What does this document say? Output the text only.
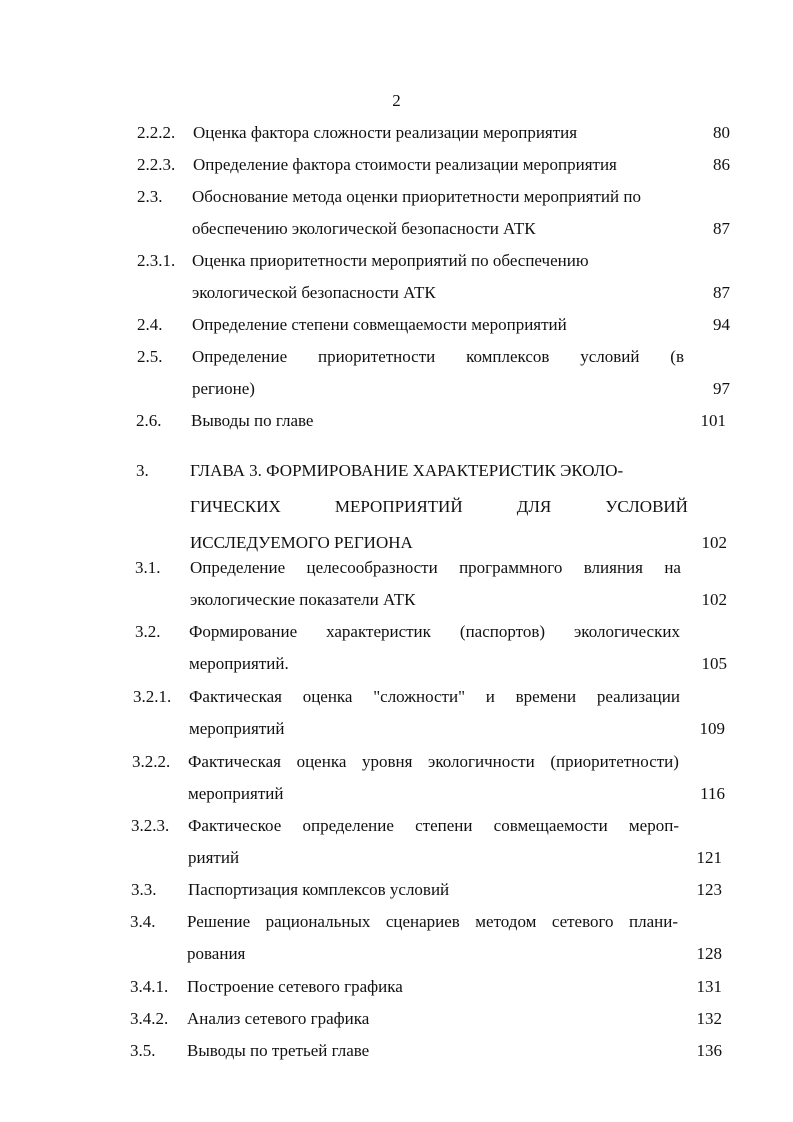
2
2.2.2. Оценка фактора сложности реализации мероприятия	80
2.2.3. Определение фактора стоимости реализации мероприятия	86
2.3. Обоснование метода оценки приоритетности мероприятий по
обеспечению экологической безопасности АТК	87
2.3.1. Оценка приоритетности мероприятий по обеспечению
экологической безопасности АТК	87
2.4. Определение степени совмещаемости мероприятий	94
2.5. Определение приоритетности комплексов условий (в
регионе)	97
2.6. Выводы по главе	101
3. ГЛАВА 3. ФОРМИРОВАНИЕ ХАРАКТЕРИСТИК ЭКОЛО-
ГИЧЕСКИХ	МЕРОПРИЯТИЙ	ДЛЯ	УСЛОВИЙ
ИССЛЕДУЕМОГО РЕГИОНА	102
3.1. Определение целесообразности программного влияния на
экологические показатели АТК	102
3.2. Формирование характеристик (паспортов) экологических
мероприятий.	105
3.2.1. Фактическая оценка "сложности" и времени реализации
мероприятий	109
3.2.2. Фактическая оценка уровня экологичности (приоритетности)
мероприятий	116
3.2.3. Фактическое определение степени совмещаемости мероп-
риятий	121
3.3. Паспортизация комплексов условий	123
3.4. Решение рациональных сценариев методом сетевого плани-
рования	128
3.4.1. Построение сетевого графика	131
3.4.2. Анализ сетевого графика	132
3.5. Выводы по третьей главе	136
